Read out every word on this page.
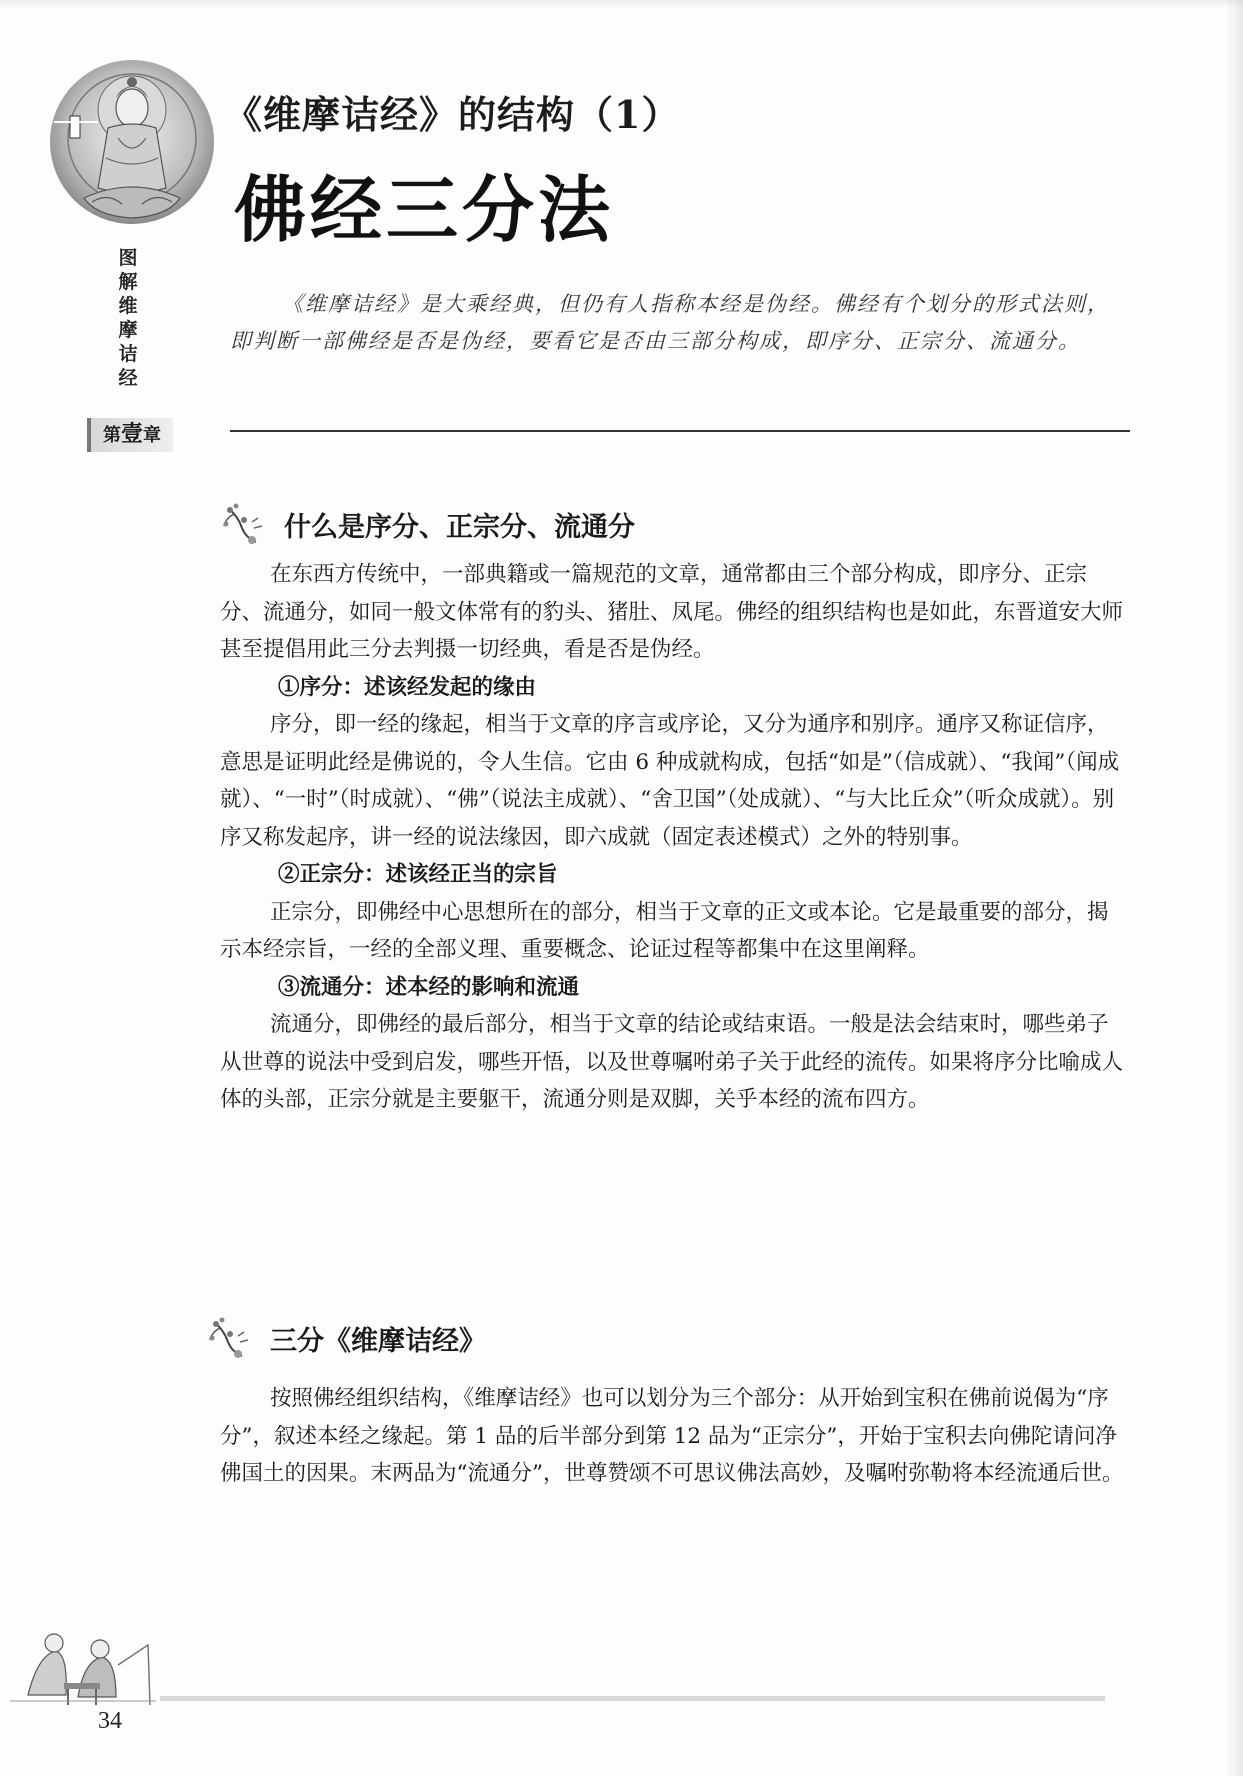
图解维摩诘经
第壹章
《维摩诘经》的结构（1）
佛经三分法

《维摩诘经》是大乘经典，但仍有人指称本经是伪经。佛经有个划分的形式法则，即判断一部佛经是否是伪经，要看它是否由三部分构成，即序分、正宗分、流通分。

什么是序分、正宗分、流通分

在东西方传统中，一部典籍或一篇规范的文章，通常都由三个部分构成，即序分、正宗分、流通分，如同一般文体常有的豹头、猪肚、凤尾。佛经的组织结构也是如此，东晋道安大师甚至提倡用此三分去判摄一切经典，看是否是伪经。

①序分：述该经发起的缘由

序分，即一经的缘起，相当于文章的序言或序论，又分为通序和别序。通序又称证信序，意思是证明此经是佛说的，令人生信。它由 6 种成就构成，包括“如是”（信成就）、“我闻”（闻成就）、“一时”（时成就）、“佛”（说法主成就）、“舍卫国”（处成就）、“与大比丘众”（听众成就）。别序又称发起序，讲一经的说法缘因，即六成就（固定表述模式）之外的特别事。

②正宗分：述该经正当的宗旨

正宗分，即佛经中心思想所在的部分，相当于文章的正文或本论。它是最重要的部分，揭示本经宗旨，一经的全部义理、重要概念、论证过程等都集中在这里阐释。

③流通分：述本经的影响和流通

流通分，即佛经的最后部分，相当于文章的结论或结束语。一般是法会结束时，哪些弟子从世尊的说法中受到启发，哪些开悟，以及世尊嘱咐弟子关于此经的流传。如果将序分比喻成人体的头部，正宗分就是主要躯干，流通分则是双脚，关乎本经的流布四方。

三分《维摩诘经》

按照佛经组织结构，《维摩诘经》也可以划分为三个部分：从开始到宝积在佛前说偈为“序分”，叙述本经之缘起。第 1 品的后半部分到第 12 品为“正宗分”，开始于宝积去向佛陀请问净佛国土的因果。末两品为“流通分”，世尊赞颂不可思议佛法高妙，及嘱咐弥勒将本经流通后世。

34
